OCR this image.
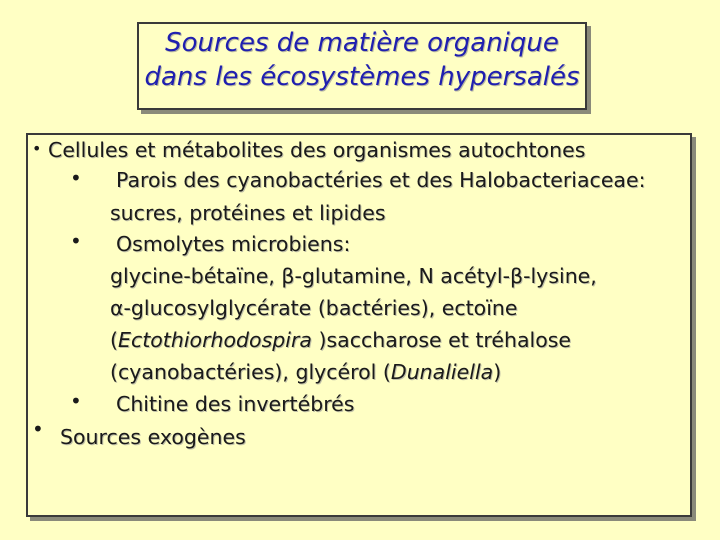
Sources de matière organique
dans les écosystèmes hypersalés
• Cellules et métabolites des organismes autochtones
• Parois des cyanobactéries et des Halobacteriaceae:
sucres, protéines et lipides
• Osmolytes microbiens:
glycine-bétaïne, β-glutamine, N acétyl-β-lysine,
α-glucosylglycérate (bactéries), ectoïne
(Ectothiorhodospira )saccharose et tréhalose
(cyanobactéries), glycérol (Dunaliella)
• Chitine des invertébrés
• Sources exogènes
